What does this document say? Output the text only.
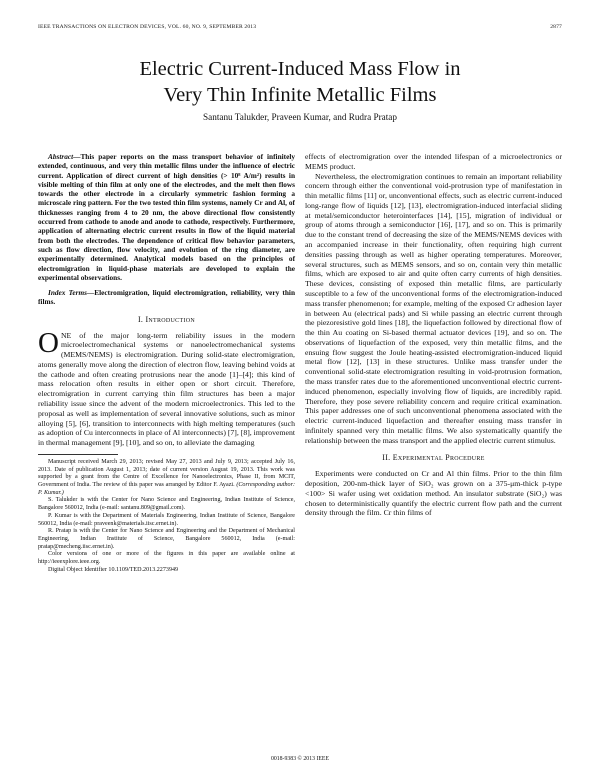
IEEE TRANSACTIONS ON ELECTRON DEVICES, VOL. 60, NO. 9, SEPTEMBER 2013	2877
Electric Current-Induced Mass Flow in
Very Thin Infinite Metallic Films
Santanu Talukder, Praveen Kumar, and Rudra Pratap

Abstract—This paper reports on the mass transport behavior of infinitely extended, continuous, and very thin metallic films under the influence of electric current. Application of direct current of high densities (> 10⁸ A/m²) results in visible melting of thin film at only one of the electrodes, and the melt then flows towards the other electrode in a circularly symmetric fashion forming a microscale ring pattern. For the two tested thin film systems, namely Cr and Al, of thicknesses ranging from 4 to 20 nm, the above directional flow consistently occurred from cathode to anode and anode to cathode, respectively. Furthermore, application of alternating electric current results in flow of the liquid material from both the electrodes. The dependence of critical flow behavior parameters, such as flow direction, flow velocity, and evolution of the ring diameter, are experimentally determined. Analytical models based on the principles of electromigration in liquid-phase materials are developed to explain the experimental observations.

Index Terms—Electromigration, liquid electromigration, reliability, very thin films.

I. Introduction

ONE of the major long-term reliability issues in the modern microelectromechanical systems or nanoelectromechanical systems (MEMS/NEMS) is electromigration. During solid-state electromigration, atoms generally move along the direction of electron flow, leaving behind voids at the cathode and often creating protrusions near the anode [1]–[4]; this kind of mass relocation often results in either open or short circuit. Therefore, electromigration in current carrying thin film structures has been a major reliability issue since the advent of the modern microelectronics. This led to the proposal as well as implementation of several innovative solutions, such as minor alloying [5], [6], transition to interconnects with high melting temperatures (such as adoption of Cu interconnects in place of Al interconnects) [7], [8], improvement in thermal management [9], [10], and so on, to alleviate the damaging

Manuscript received March 29, 2013; revised May 27, 2013 and July 9, 2013; accepted July 16, 2013. Date of publication August 1, 2013; date of current version August 19, 2013. This work was supported by a grant from the Centre of Excellence for Nanoelectronics, Phase II, from MCIT, Government of India. The review of this paper was arranged by Editor F. Ayazi. (Corresponding author: P. Kumar.)

S. Talukder is with the Center for Nano Science and Engineering, Indian Institute of Science, Bangalore 560012, India (e-mail: santanu.809@gmail.com).

P. Kumar is with the Department of Materials Engineering, Indian Institute of Science, Bangalore 560012, India (e-mail: praveenk@materials.iisc.ernet.in).

R. Pratap is with the Center for Nano Science and Engineering and the Department of Mechanical Engineering, Indian Institute of Science, Bangalore 560012, India (e-mail: pratap@mecheng.iisc.ernet.in).

Color versions of one or more of the figures in this paper are available online at http://ieeexplore.ieee.org.

Digital Object Identifier 10.1109/TED.2013.2273949

effects of electromigration over the intended lifespan of a microelectronics or MEMS product.

Nevertheless, the electromigration continues to remain an important reliability concern through either the conventional void-protrusion type of manifestation in thin metallic films [11] or, unconventional effects, such as electric current-induced long-range flow of liquids [12], [13], electromigration-induced interfacial sliding at metal/semiconductor heterointerfaces [14], [15], migration of individual or group of atoms through a semiconductor [16], [17], and so on. This is primarily due to the constant trend of decreasing the size of the MEMS/NEMS devices with an accompanied increase in their functionality, often requiring high current densities passing through as well as higher operating temperatures. Moreover, several structures, such as MEMS sensors, and so on, contain very thin metallic films, which are exposed to air and quite often carry currents of high densities. These devices, consisting of exposed thin metallic films, are particularly susceptible to a few of the unconventional forms of the electromigration-induced mass transfer phenomenon; for example, melting of the exposed Cr adhesion layer in between Au (electrical pads) and Si while passing an electric current through the piezoresistive gold lines [18], the liquefaction followed by directional flow of the thin Au coating on Si-based thermal actuator devices [19], and so on. The observations of liquefaction of the exposed, very thin metallic films, and the ensuing flow suggest the Joule heating-assisted electromigration-induced liquid metal flow [12], [13] in these structures. Unlike mass transfer under the conventional solid-state electromigration resulting in void-protrusion formation, the mass transfer rates due to the aforementioned unconventional electric current-induced phenomenon, especially involving flow of liquids, are incredibly rapid. Therefore, they pose severe reliability concern and require critical examination. This paper addresses one of such unconventional phenomena associated with the electric current-induced liquefaction and thereafter ensuing mass transfer in infinitely spanned very thin metallic films. We also systematically quantify the relationship between the mass transport and the applied electric current stimulus.

II. Experimental Procedure

Experiments were conducted on Cr and Al thin films. Prior to the thin film deposition, 200-nm-thick layer of SiO₂ was grown on a 375-μm-thick p-type <100> Si wafer using wet oxidation method. An insulator substrate (SiO₂) was chosen to deterministically quantify the electric current flow path and the current density through the film. Cr thin films of

0018-9383 © 2013 IEEE
